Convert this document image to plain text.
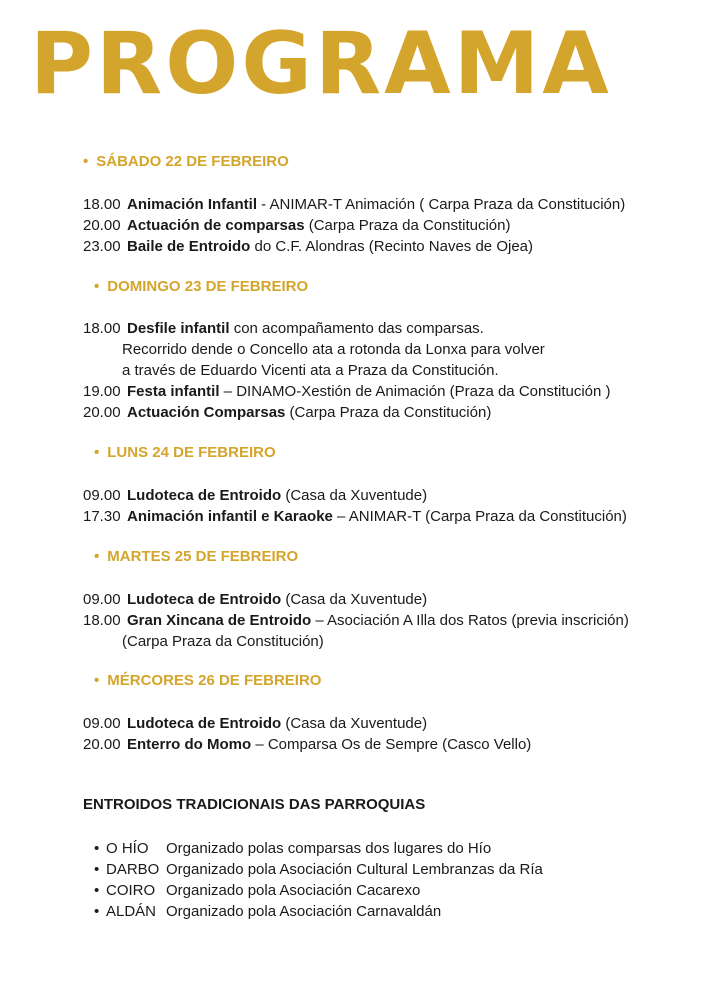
PROGRAMA
• SÁBADO 22 DE FEBREIRO
18.00 Animación Infantil - ANIMAR-T Animación ( Carpa Praza da Constitución)
20.00 Actuación de comparsas (Carpa Praza da Constitución)
23.00 Baile de Entroido do C.F. Alondras (Recinto Naves de Ojea)
• DOMINGO 23 DE FEBREIRO
18.00 Desfile infantil con acompañamento das comparsas.
Recorrido dende o Concello ata a rotonda da Lonxa para volver
a través de Eduardo Vicenti ata a Praza da Constitución.
19.00 Festa infantil – DINAMO-Xestión de Animación (Praza da Constitución )
20.00 Actuación Comparsas (Carpa Praza da Constitución)
• LUNS 24 DE FEBREIRO
09.00 Ludoteca de Entroido (Casa da Xuventude)
17.30 Animación infantil e Karaoke – ANIMAR-T (Carpa Praza da Constitución)
• MARTES 25 DE FEBREIRO
09.00 Ludoteca de Entroido (Casa da Xuventude)
18.00 Gran Xincana de Entroido – Asociación A Illa dos Ratos (previa inscrición)
(Carpa Praza da Constitución)
• MÉRCORES 26 DE FEBREIRO
09.00 Ludoteca de Entroido (Casa da Xuventude)
20.00 Enterro do Momo – Comparsa Os de Sempre (Casco Vello)
ENTROIDOS TRADICIONAIS DAS PARROQUIAS
• O HÍO Organizado polas comparsas dos lugares do Hío
• DARBO Organizado pola Asociación Cultural Lembranzas da Ría
• COIRO Organizado pola Asociación Cacarexo
• ALDÁN Organizado pola Asociación Carnavaldán
